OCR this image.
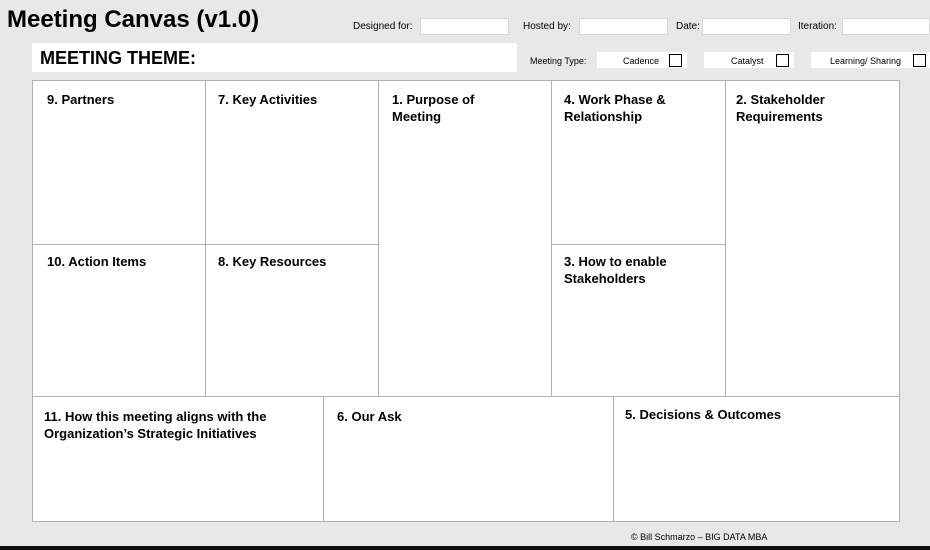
Meeting Canvas (v1.0)	Designed for:	Hosted by:	Date:	Iteration:
MEETING THEME:	Meeting Type:	Cadence	Catalyst	Learning/ Sharing
9. Partners	7. Key Activities	1. Purpose of Meeting
4. Work Phase & Relationship
2. Stakeholder Requirements
10. Action Items	8. Key Resources	3. How to enable Stakeholders
11. How this meeting aligns with the Organization’s Strategic Initiatives
6. Our Ask	5. Decisions & Outcomes
© Bill Schmarzo – BIG DATA MBA
